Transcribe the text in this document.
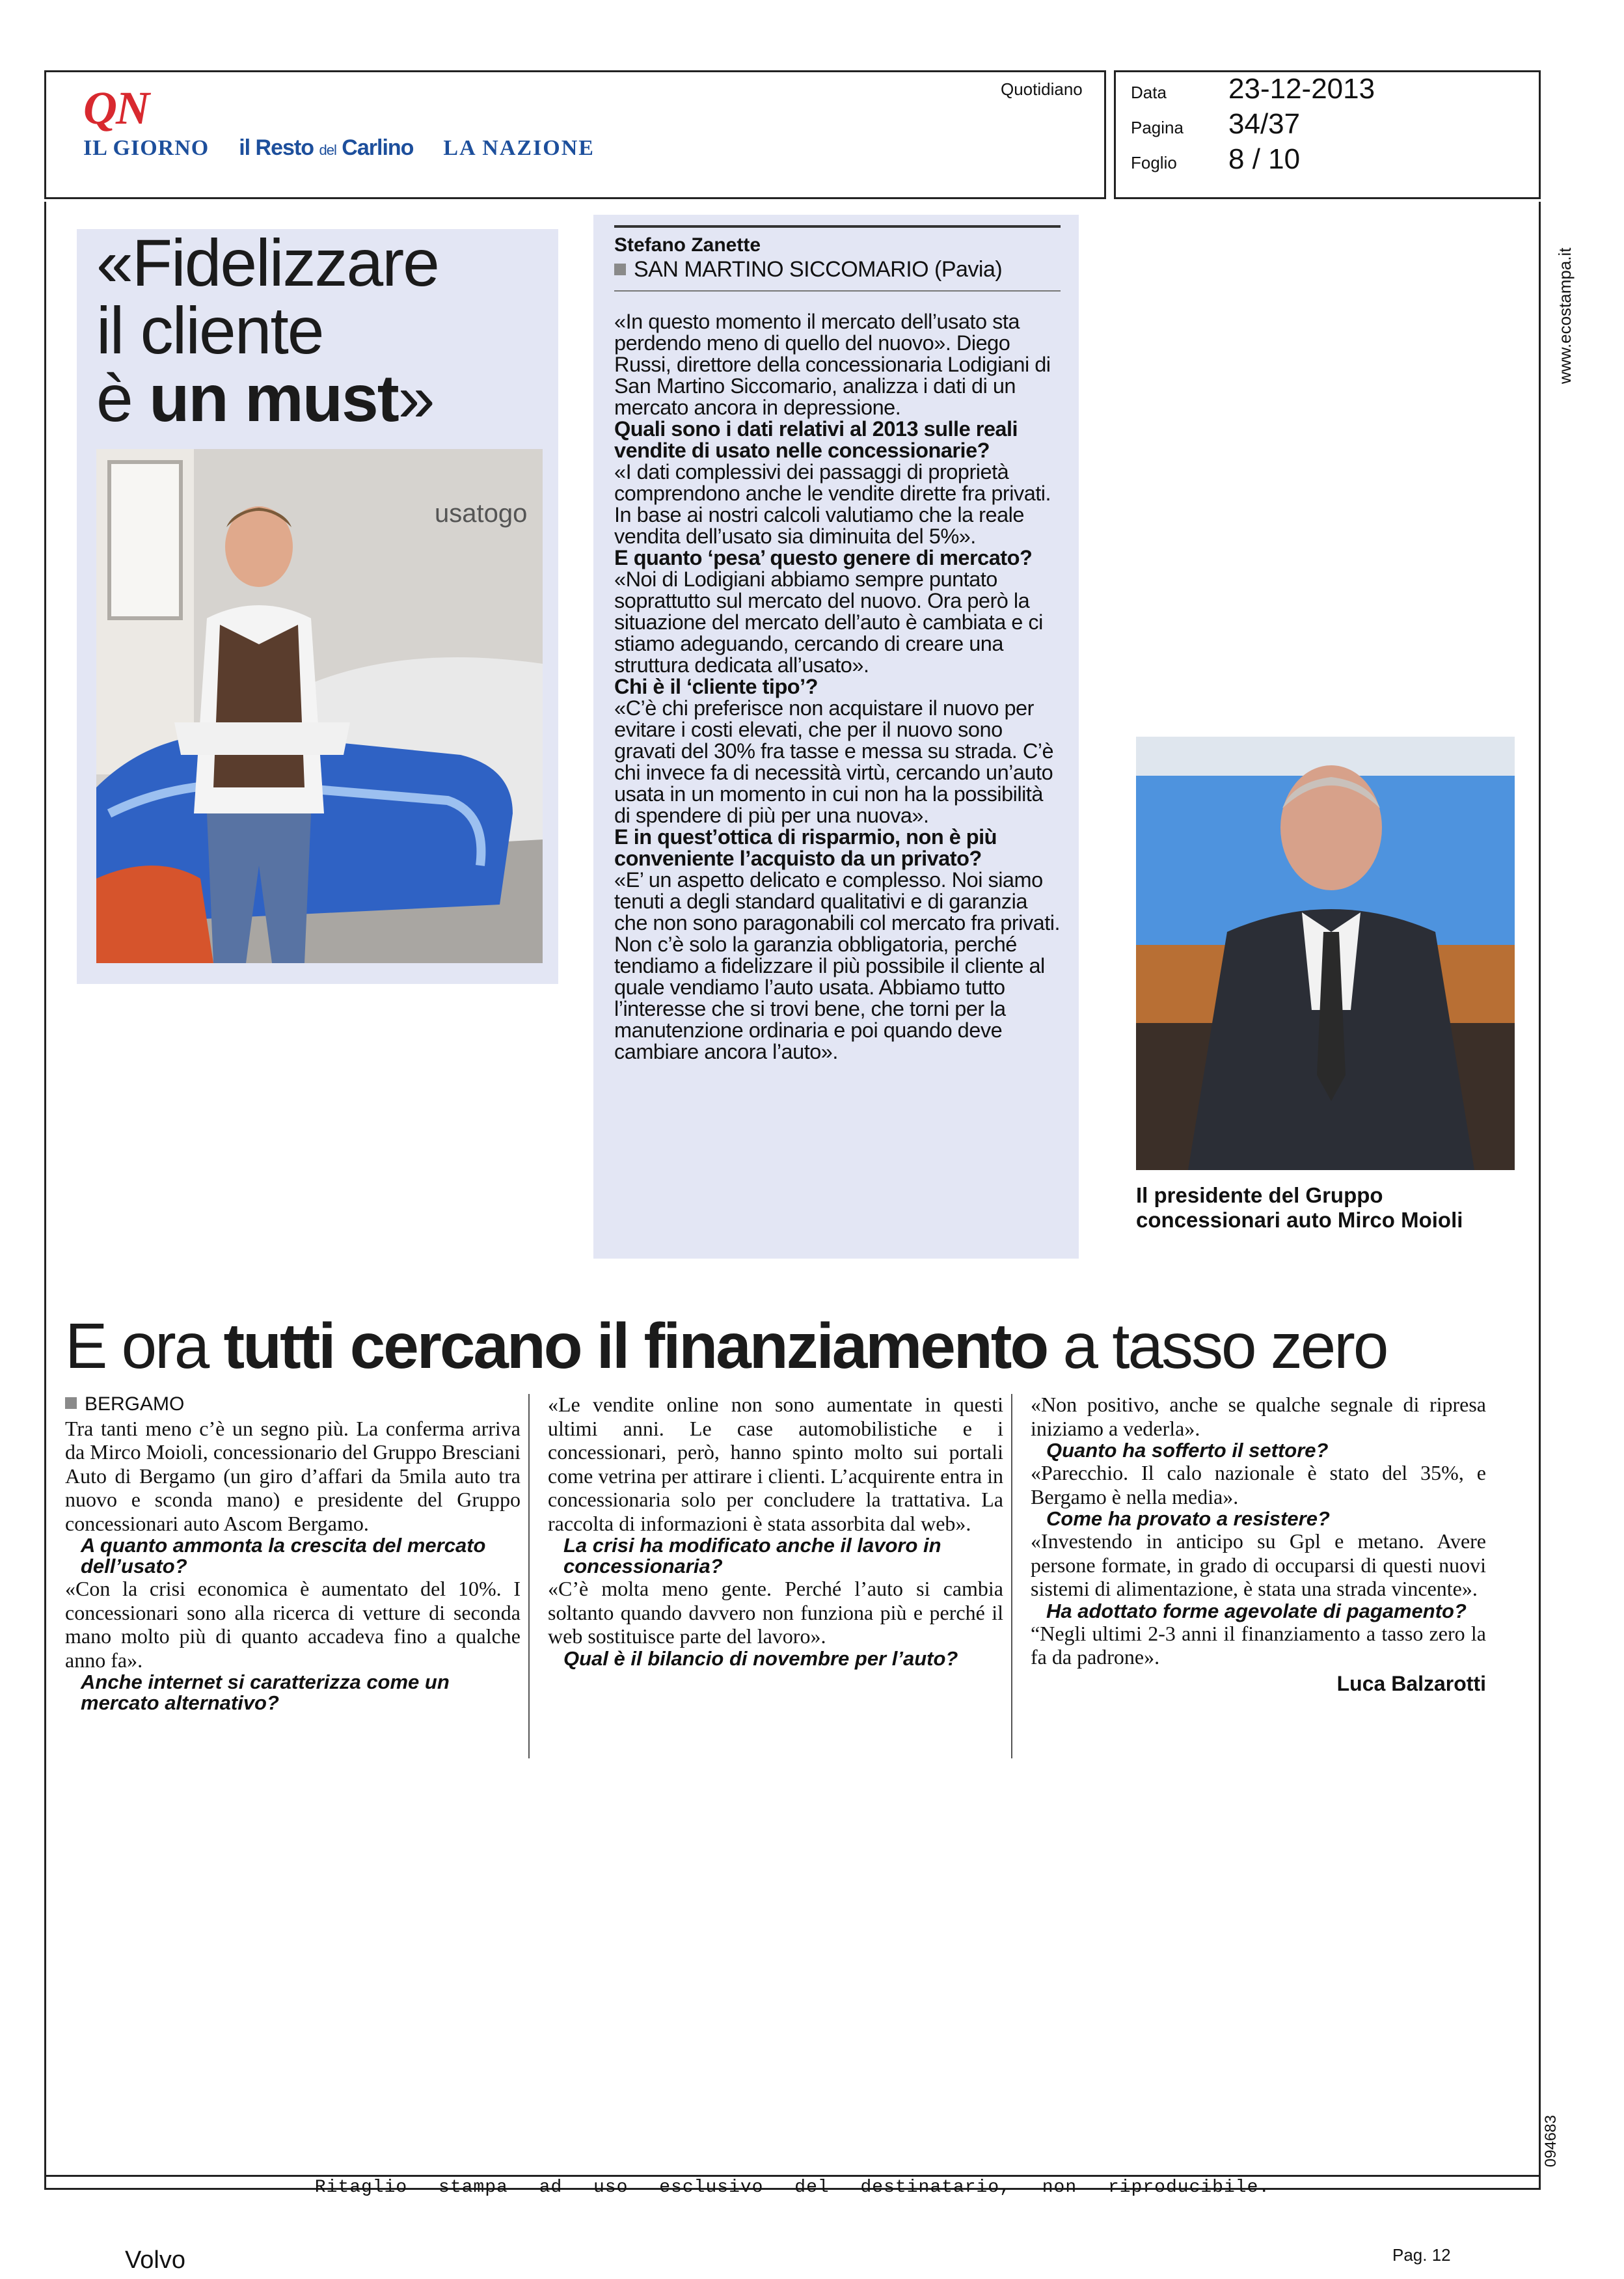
QN
IL GIORNO il Resto del Carlino LA NAZIONE
Quotidiano	Data	23-12-2013
Pagina	34/37
Foglio	8 / 10
www.ecostampa.it
094683
«Fidelizzare
il cliente
è un must»
usatogo
Stefano Zanette
SAN MARTINO SICCOMARIO (Pavia)

«In questo momento il mercato dell’usato sta perdendo meno di quello del nuovo». Diego Russi, direttore della concessionaria Lodigiani di San Martino Siccomario, analizza i dati di un mercato ancora in depressione.

Quali sono i dati relativi al 2013 sulle reali vendite di usato nelle concessionarie?

«I dati complessivi dei passaggi di proprietà comprendono anche le vendite dirette fra privati. In base ai nostri calcoli valutiamo che la reale vendita dell’usato sia diminuita del 5%».

E quanto ‘pesa’ questo genere di mercato?

«Noi di Lodigiani abbiamo sempre puntato soprattutto sul mercato del nuovo. Ora però la situazione del mercato dell’auto è cambiata e ci stiamo adeguando, cercando di creare una struttura dedicata all’usato».

Chi è il ‘cliente tipo’?

«C’è chi preferisce non acquistare il nuovo per evitare i costi elevati, che per il nuovo sono gravati del 30% fra tasse e messa su strada. C’è chi invece fa di necessità virtù, cercando un’auto usata in un momento in cui non ha la possibilità di spendere di più per una nuova».

E in quest’ottica di risparmio, non è più conveniente l’acquisto da un privato?

«E’ un aspetto delicato e complesso. Noi siamo tenuti a degli standard qualitativi e di garanzia che non sono paragonabili col mercato fra privati. Non c’è solo la garanzia obbligatoria, perché tendiamo a fidelizzare il più possibile il cliente al quale vendiamo l’auto usata. Abbiamo tutto l’interesse che si trovi bene, che torni per la manutenzione ordinaria e poi quando deve cambiare ancora l’auto».

Il presidente del Gruppo concessionari auto Mirco Moioli
E ora tutti cercano il finanziamento a tasso zero
BERGAMO

Tra tanti meno c’è un segno più. La conferma arriva da Mirco Moioli, concessionario del Gruppo Bresciani Auto di Bergamo (un giro d’affari da 5mila auto tra nuovo e sconda mano) e presidente del Gruppo concessionari auto Ascom Bergamo.

A quanto ammonta la crescita del mercato dell’usato?

«Con la crisi economica è aumentato del 10%. I concessionari sono alla ricerca di vetture di seconda mano molto più di quanto accadeva fino a qualche anno fa».

Anche internet si caratterizza come un mercato alternativo?

«Le vendite online non sono aumentate in questi ultimi anni. Le case automobilistiche e i concessionari, però, hanno spinto molto sui portali come vetrina per attirare i clienti. L’acquirente entra in concessionaria solo per concludere la trattativa. La raccolta di informazioni è stata assorbita dal web».

La crisi ha modificato anche il lavoro in concessionaria?

«C’è molta meno gente. Perché l’auto si cambia soltanto quando davvero non funziona più e perché il web sostituisce parte del lavoro».

Qual è il bilancio di novembre per l’auto?

«Non positivo, anche se qualche segnale di ripresa iniziamo a vederla».

Quanto ha sofferto il settore?

«Parecchio. Il calo nazionale è stato del 35%, e Bergamo è nella media».

Come ha provato a resistere?

«Investendo in anticipo su Gpl e metano. Avere persone formate, in grado di occuparsi di questi nuovi sistemi di alimentazione, è stata una strada vincente».

Ha adottato forme agevolate di pagamento?

“Negli ultimi 2-3 anni il finanziamento a tasso zero la fa da padrone».

Luca Balzarotti
Ritaglio stampa ad uso esclusivo del destinatario, non riproducibile.
Volvo	Pag. 12
